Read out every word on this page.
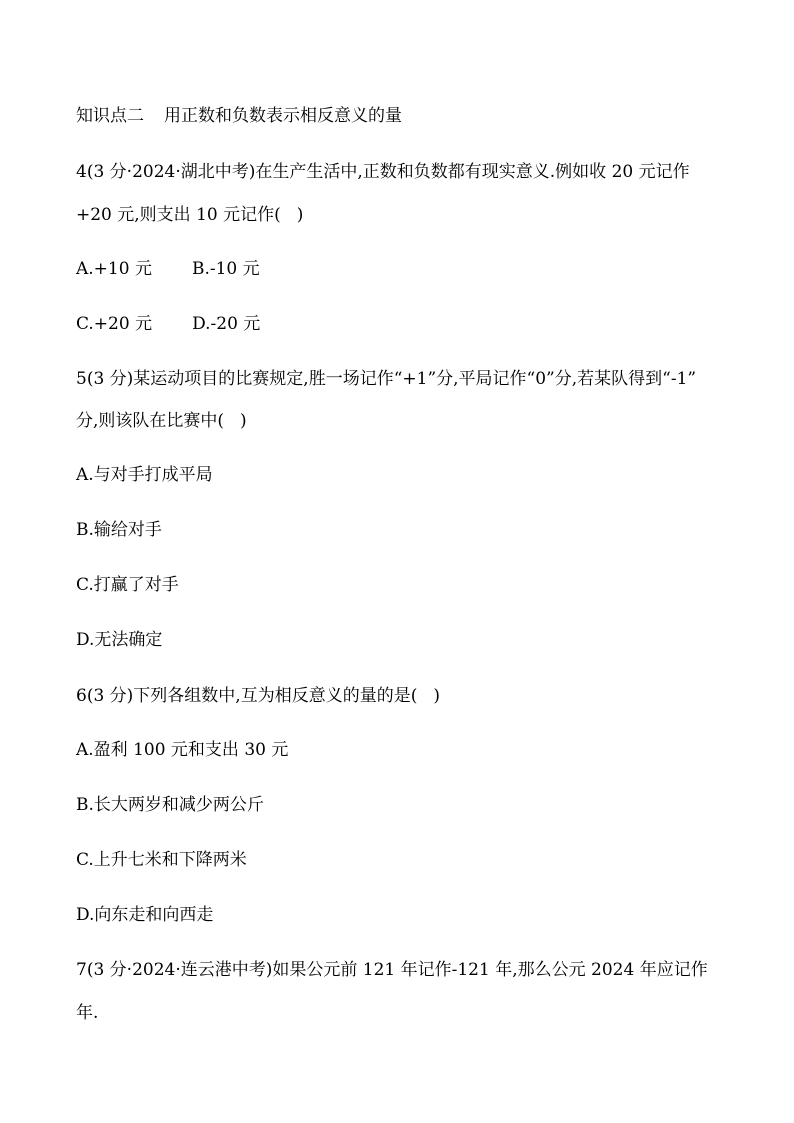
知识点二 用正数和负数表示相反意义的量
4(3 分·2024·湖北中考)在生产生活中,正数和负数都有现实意义.例如收 20 元记作
+20 元,则支出 10 元记作( )
A.+10 元 B.-10 元
C.+20 元 D.-20 元
5(3 分)某运动项目的比赛规定,胜一场记作“+1”分,平局记作“0”分,若某队得到“-1”
分,则该队在比赛中( )
A.与对手打成平局
B.输给对手
C.打赢了对手
D.无法确定
6(3 分)下列各组数中,互为相反意义的量的是( )
A.盈利 100 元和支出 30 元
B.长大两岁和减少两公斤
C.上升七米和下降两米
D.向东走和向西走
7(3 分·2024·连云港中考)如果公元前 121 年记作-121 年,那么公元 2024 年应记作
年.
